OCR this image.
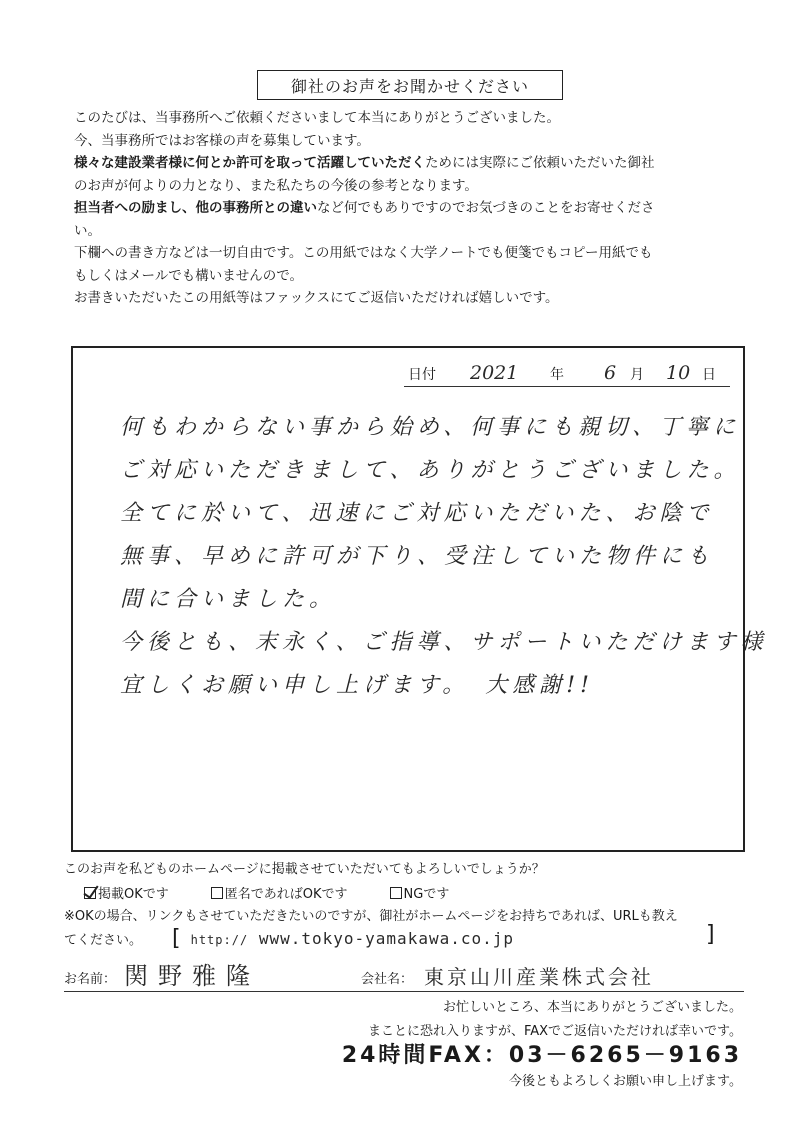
御社のお声をお聞かせください

このたびは、当事務所へご依頼くださいまして本当にありがとうございました。

今、当事務所ではお客様の声を募集しています。

様々な建設業者様に何とか許可を取って活躍していただくためには実際にご依頼いただいた御社

のお声が何よりの力となり、また私たちの今後の参考となります。

担当者への励まし、他の事務所との違いなど何でもありですのでお気づきのことをお寄せくださ

い。

下欄への書き方などは一切自由です。この用紙ではなく大学ノートでも便箋でもコピー用紙でも

もしくはメールでも構いませんので。

お書きいただいたこの用紙等はファックスにてご返信いただければ嬉しいです。

日付 2021 年 6 月 10 日
何もわからない事から始め、何事にも親切、丁寧に
ご対応いただきまして、ありがとうございました。
全てに於いて、迅速にご対応いただいた、お陰で
無事、早めに許可が下り、受注していた物件にも
間に合いました。
今後とも、末永く、ご指導、サポートいただけます様
宜しくお願い申し上げます。　大感謝!!
このお声を私どものホームページに掲載させていただいてもよろしいでしょうか？
掲載OKです	匿名であればOKです	NGです
※OKの場合、リンクもさせていただきたいのですが、御社がホームページをお持ちであれば、URLも教え
てください。 [ http:// www.tokyo-yamakawa.co.jp	]
お名前： 関野雅隆	会社名： 東京山川産業株式会社
お忙しいところ、本当にありがとうございました。
まことに恐れ入りますが、FAXでご返信いただければ幸いです。
24時間FAX：03－6265－9163
今後ともよろしくお願い申し上げます。
